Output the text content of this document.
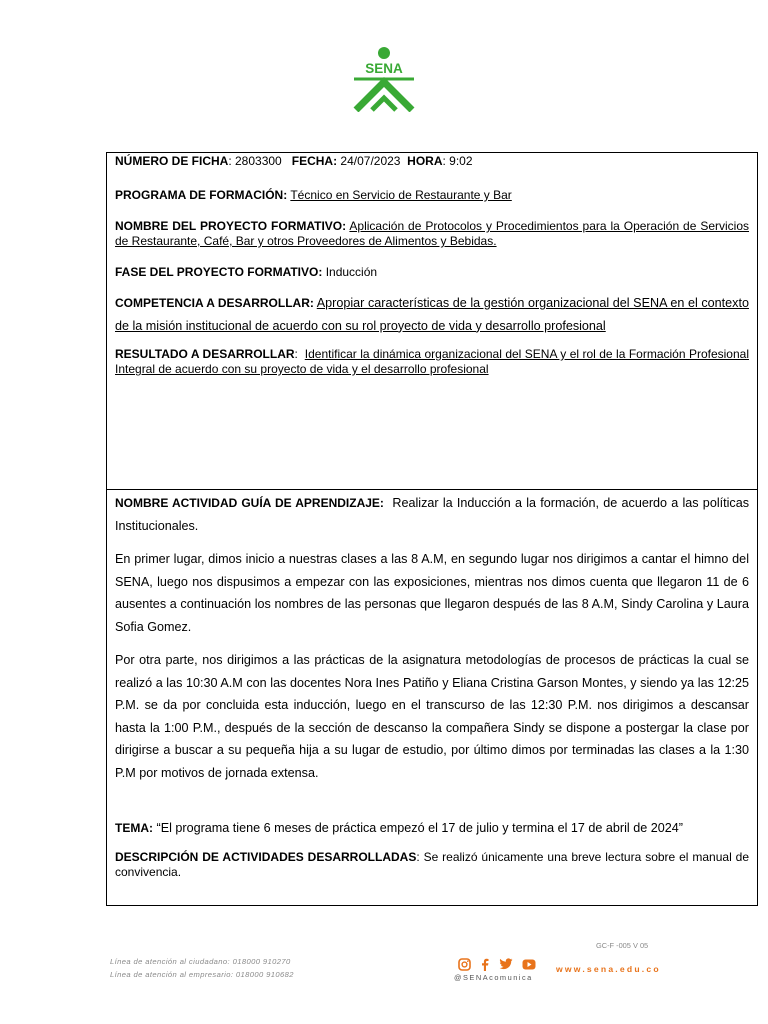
SENA

NÚMERO DE FICHA: 2803300 FECHA: 24/07/2023 HORA: 9:02

PROGRAMA DE FORMACIÓN: Técnico en Servicio de Restaurante y Bar

NOMBRE DEL PROYECTO FORMATIVO: Aplicación de Protocolos y Procedimientos para la Operación de Servicios de Restaurante, Café, Bar y otros Proveedores de Alimentos y Bebidas.

FASE DEL PROYECTO FORMATIVO: Inducción

COMPETENCIA A DESARROLLAR: Apropiar características de la gestión organizacional del SENA en el contexto de la misión institucional de acuerdo con su rol proyecto de vida y desarrollo profesional

RESULTADO A DESARROLLAR: Identificar la dinámica organizacional del SENA y el rol de la Formación Profesional Integral de acuerdo con su proyecto de vida y el desarrollo profesional

NOMBRE ACTIVIDAD GUÍA DE APRENDIZAJE: Realizar la Inducción a la formación, de acuerdo a las políticas Institucionales.

En primer lugar, dimos inicio a nuestras clases a las 8 A.M, en segundo lugar nos dirigimos a cantar el himno del SENA, luego nos dispusimos a empezar con las exposiciones, mientras nos dimos cuenta que llegaron 11 de 6 ausentes a continuación los nombres de las personas que llegaron después de las 8 A.M, Sindy Carolina y Laura Sofia Gomez.

Por otra parte, nos dirigimos a las prácticas de la asignatura metodologías de procesos de prácticas la cual se realizó a las 10:30 A.M con las docentes Nora Ines Patiño y Eliana Cristina Garson Montes, y siendo ya las 12:25 P.M. se da por concluida esta inducción, luego en el transcurso de las 12:30 P.M. nos dirigimos a descansar hasta la 1:00 P.M., después de la sección de descanso la compañera Sindy se dispone a postergar la clase por dirigirse a buscar a su pequeña hija a su lugar de estudio, por último dimos por terminadas las clases a la 1:30 P.M por motivos de jornada extensa.

TEMA: “El programa tiene 6 meses de práctica empezó el 17 de julio y termina el 17 de abril de 2024”

DESCRIPCIÓN DE ACTIVIDADES DESARROLLADAS: Se realizó únicamente una breve lectura sobre el manual de convivencia.

GC-F -005 V 05
Línea de atención al ciudadano: 018000 910270
Línea de atención al empresario: 018000 910682	@SENAcomunica
www.sena.edu.co
